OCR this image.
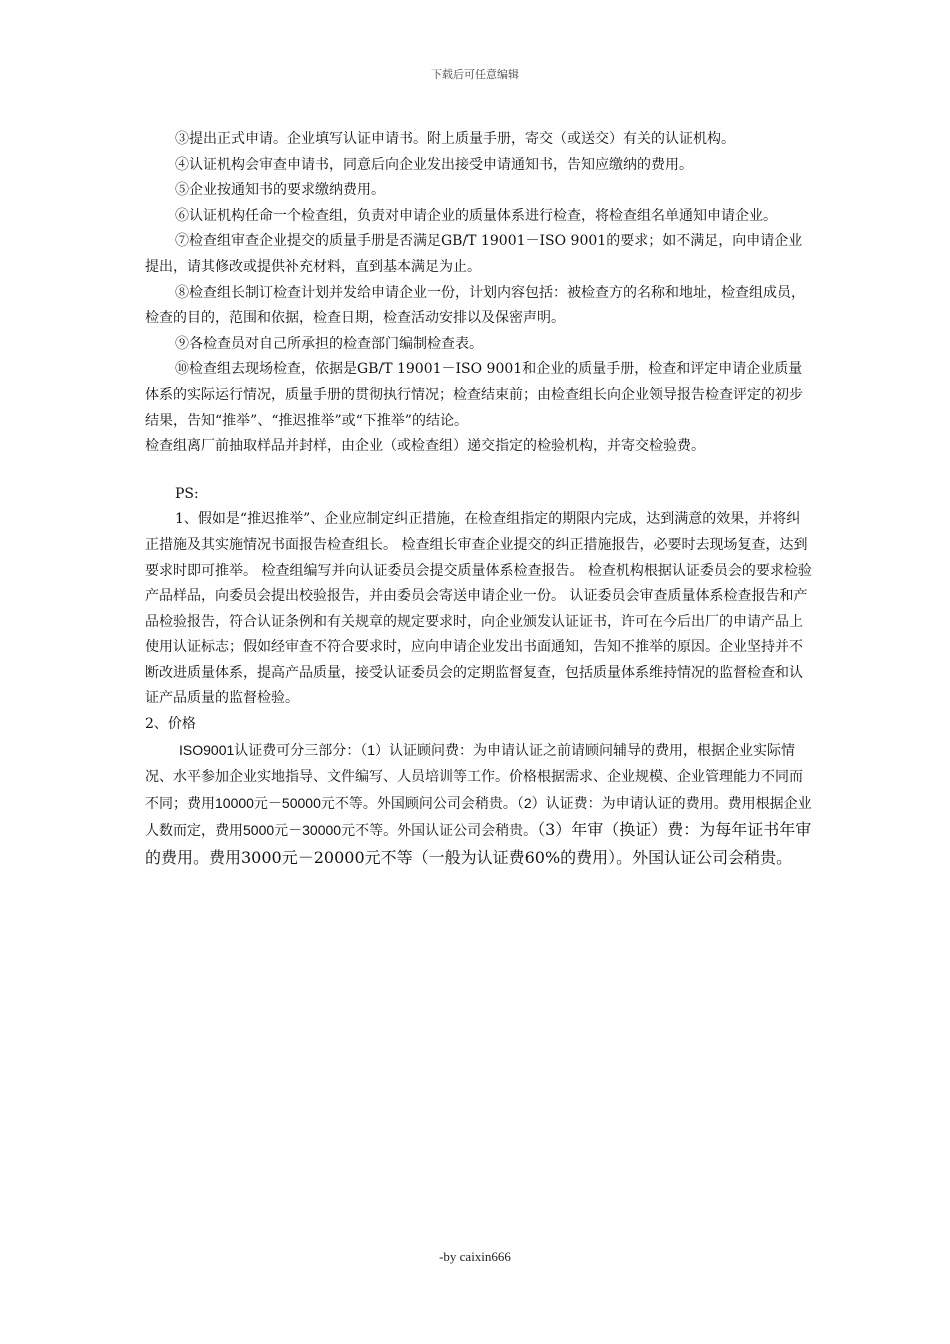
下载后可任意编辑

③提出正式申请。企业填写认证申请书。附上质量手册，寄交（或送交）有关的认证机构。

④认证机构会审查申请书，同意后向企业发出接受申请通知书，告知应缴纳的费用。

⑤企业按通知书的要求缴纳费用。

⑥认证机构任命一个检查组，负责对申请企业的质量体系进行检查，将检查组名单通知申请企业。

⑦检查组审查企业提交的质量手册是否满足GB/T 19001－ISO 9001的要求；如不满足，向申请企业提出，请其修改或提供补充材料，直到基本满足为止。

⑧检查组长制订检查计划并发给申请企业一份，计划内容包括：被检查方的名称和地址，检查组成员，检查的目的，范围和依据，检查日期，检查活动安排以及保密声明。

⑨各检查员对自己所承担的检查部门编制检查表。

⑩检查组去现场检查，依据是GB/T 19001－ISO 9001和企业的质量手册，检查和评定申请企业质量体系的实际运行情况，质量手册的贯彻执行情况；检查结束前；由检查组长向企业领导报告检查评定的初步结果，告知“推举”、“推迟推举”或“下推举”的结论。

检查组离厂前抽取样品并封样，由企业（或检查组）递交指定的检验机构，并寄交检验费。

PS:

1、假如是“推迟推举”、企业应制定纠正措施，在检查组指定的期限内完成，达到满意的效果，并将纠正措施及其实施情况书面报告检查组长。 检查组长审查企业提交的纠正措施报告，必要时去现场复查，达到要求时即可推举。 检查组编写并向认证委员会提交质量体系检查报告。 检查机构根据认证委员会的要求检验产品样品，向委员会提出校验报告，并由委员会寄送申请企业一份。 认证委员会审查质量体系检查报告和产品检验报告，符合认证条例和有关规章的规定要求时，向企业颁发认证证书，许可在今后出厂的申请产品上使用认证标志；假如经审查不符合要求时，应向申请企业发出书面通知，告知不推举的原因。企业坚持并不断改进质量体系，提高产品质量，接受认证委员会的定期监督复查，包括质量体系维持情况的监督检查和认证产品质量的监督检验。

2、价格

ISO9001认证费可分三部分：（1）认证顾问费：为申请认证之前请顾问辅导的费用，根据企业实际情况、水平参加企业实地指导、文件编写、人员培训等工作。价格根据需求、企业规模、企业管理能力不同而不同；费用10000元－50000元不等。外国顾问公司会稍贵。（2）认证费：为申请认证的费用。费用根据企业人数而定，费用5000元－30000元不等。外国认证公司会稍贵。（3）年审（换证）费：为每年证书年审的费用。费用3000元－20000元不等（一般为认证费60%的费用）。外国认证公司会稍贵。

-by caixin666
